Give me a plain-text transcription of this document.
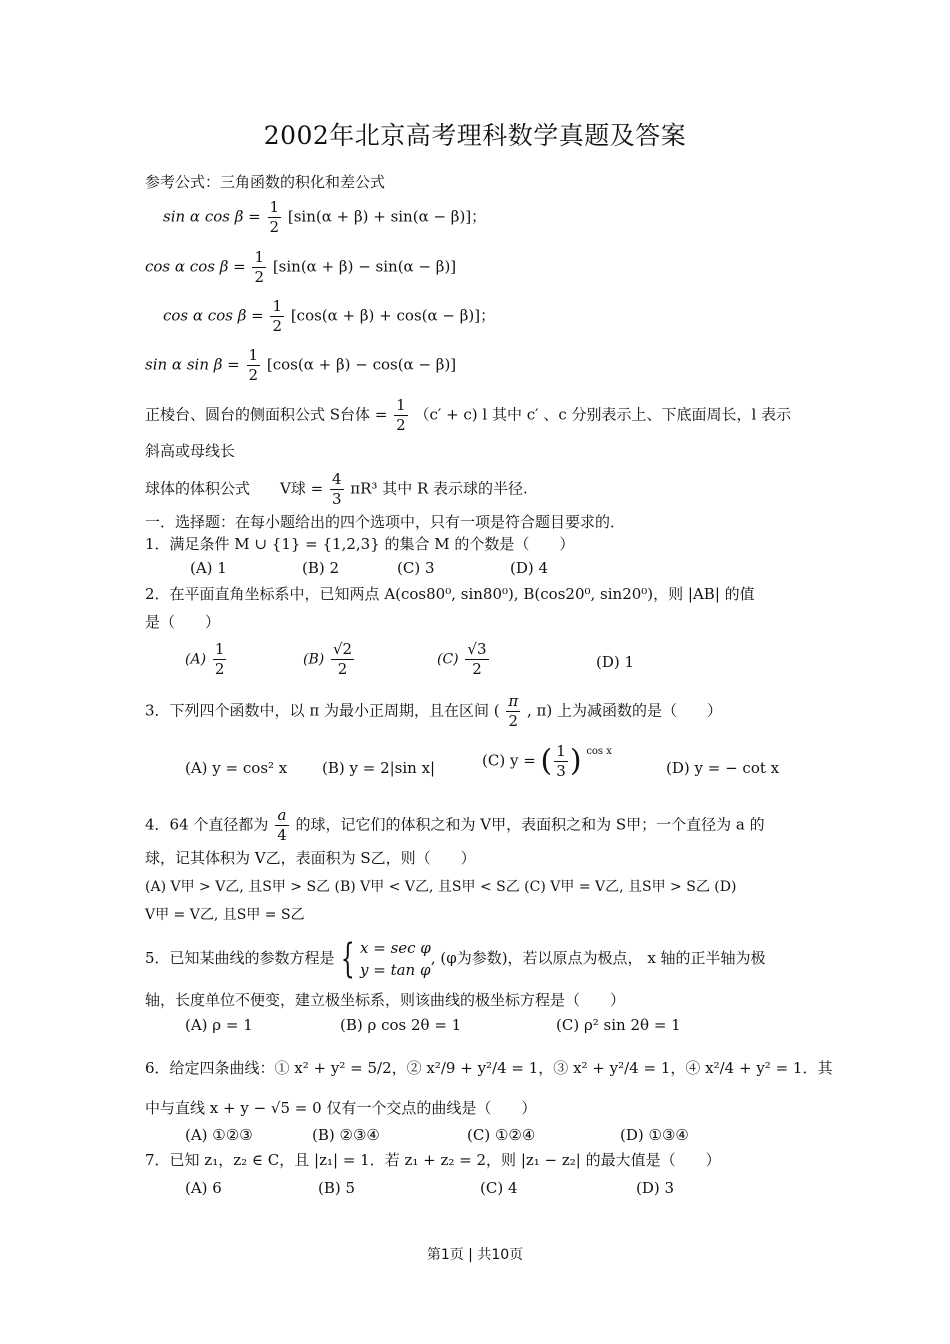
2002年北京高考理科数学真题及答案
参考公式：三角函数的积化和差公式
sin α $\cos \beta = \frac{1}{2} [\sin(\alpha + \beta) + \sin(\alpha - \beta)]$；
cos α $\cos \beta = \frac{1}{2} [\sin(\alpha + \beta) - \sin(\alpha - \beta)]$
cos α $\cos \beta = \frac{1}{2} [\cos(\alpha + \beta) + \cos(\alpha - \beta)]$；
sin α $\sin \beta = \frac{1}{2} [\cos(\alpha + \beta) - \cos(\alpha - \beta)]$
正棱台、圆台的侧面积公式 S台体 = $\frac{1}{2} (c' + c)$ l 其中 c′ 、c 分别表示上、下底面周长，l 表示
斜高或母线长
球体的体积公式　　V球 = $\frac{4}{3} \pi R^3$ 其中 R 表示球的半径.
一．选择题：在每小题给出的四个选项中，只有一项是符合题目要求的．
1．满足条件 M ∪ {1} = {1,2,3} 的集合 M 的个数是（　　）
(A) 1	(B) 2	(C) 3	(D) 4
2．在平面直角坐标系中，已知两点 A(cos80⁰, sin80⁰), B(cos20⁰, sin20⁰)，则 |AB| 的值
是（　　）
$(A) \frac{1}{2}$	$(B) \frac{√2}{2}$	$(C) \frac{√3}{2}$	(D) 1
3．下列四个函数中，以 π 为最小正周期，且在区间 ( $\frac{\pi}{2}$ , π) 上为减函数的是（　　）
(A) y = cos² x (B) y = 2|sin x|	(C) y = ( $\frac{1}{3}$ ) $^{cos x}$
(D) y = − cot x
4．64 个直径都为 $\frac{a}{4}$ 的球，记它们的体积之和为 V甲，表面积之和为 S甲；一个直径为 a 的
球，记其体积为 V乙，表面积为 S乙，则（　　）
(A) V甲 > V乙, 且S甲 > S乙 (B) V甲 < V乙, 且S甲 < S乙 (C) V甲 = V乙, 且S甲 > S乙 (D)
V甲 = V乙, 且S甲 = S乙
5．已知某曲线的参数方程是 { x = sec φ
y = tan φ
, (φ为参数)，若以原点为极点， x 轴的正半轴为极
轴，长度单位不便变，建立极坐标系，则该曲线的极坐标方程是（　　）
(A) ρ = 1	(B) ρ cos 2θ = 1	(C) ρ² sin 2θ = 1
6．给定四条曲线：① x² + y² = 5/2，② x²/9 + y²/4 = 1，③ x² + y²/4 = 1，④ x²/4 + y² = 1．其
中与直线 x + y − √5 = 0 仅有一个交点的曲线是（　　）
(A) ①②③	(B) ②③④	(C) ①②④	(D) ①③④
7．已知 z₁，z₂ ∈ C，且 |z₁| = 1．若 z₁ + z₂ = 2，则 |z₁ − z₂| 的最大值是（　　）
(A) 6	(B) 5	(C) 4	(D) 3
第1页 | 共10页
